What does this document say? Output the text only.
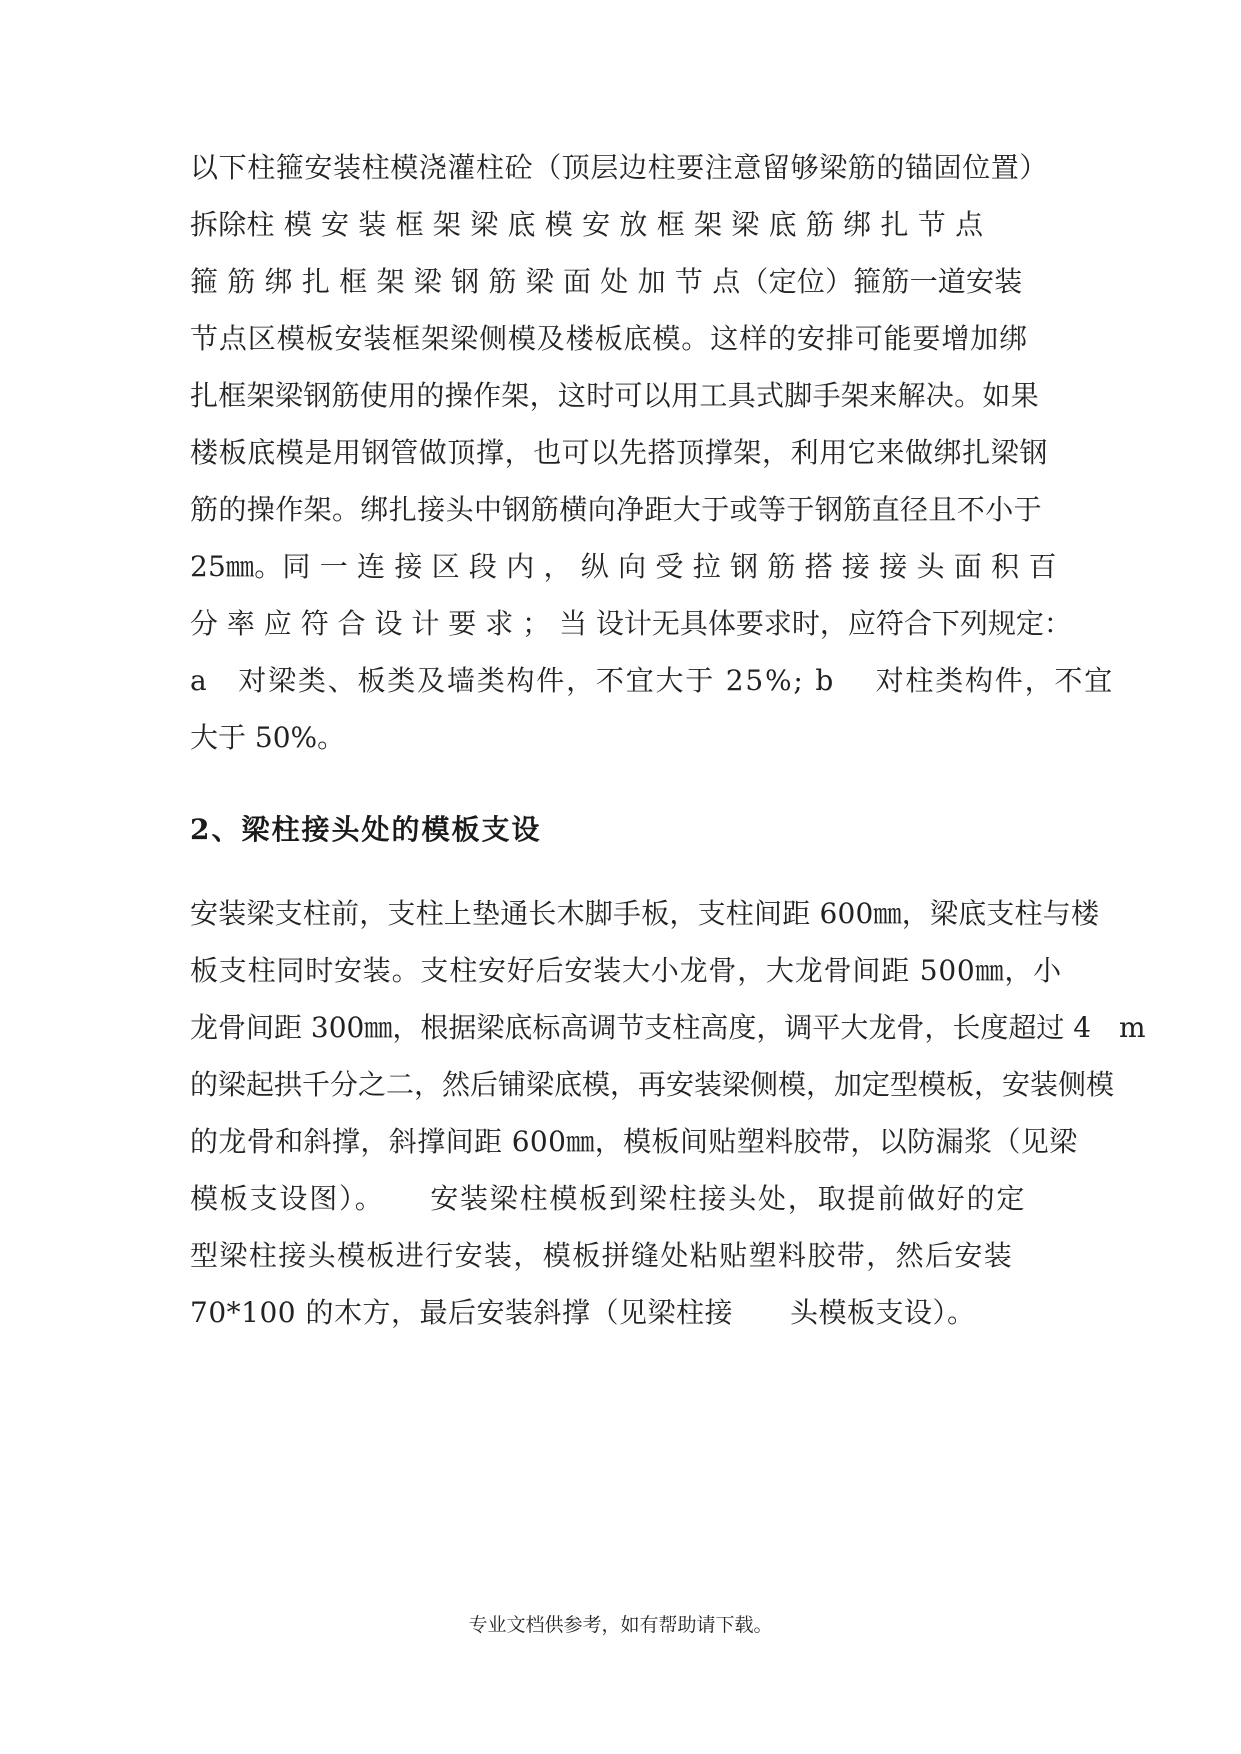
以下柱箍安装柱模浇灌柱砼（顶层边柱要注意留够梁筋的锚固位置）
拆除柱 模 安 装 框 架 梁 底 模 安 放 框 架 梁 底 筋 绑 扎 节 点
箍 筋 绑 扎 框 架 梁 钢 筋 梁 面 处 加 节 点（定位）箍筋一道安装
节点区模板安装框架梁侧模及楼板底模。这样的安排可能要增加绑
扎框架梁钢筋使用的操作架，这时可以用工具式脚手架来解决。如果
楼板底模是用钢管做顶撑，也可以先搭顶撑架，利用它来做绑扎梁钢
筋的操作架。绑扎接头中钢筋横向净距大于或等于钢筋直径且不小于
25㎜。同 一 连 接 区 段 内 ， 纵 向 受 拉 钢 筋 搭 接 接 头 面 积 百
分 率 应 符 合 设 计 要 求 ； 当 设计无具体要求时，应符合下列规定：
a　对梁类、板类及墙类构件，不宜大于 25%; b　 对柱类构件，不宜
大于 50%。
2、梁柱接头处的模板支设
安装梁支柱前，支柱上垫通长木脚手板，支柱间距 600㎜，梁底支柱与楼
板支柱同时安装。支柱安好后安装大小龙骨，大龙骨间距 500㎜，小
龙骨间距 300㎜，根据梁底标高调节支柱高度，调平大龙骨，长度超过 4　m
的梁起拱千分之二，然后铺梁底模，再安装梁侧模，加定型模板，安装侧模
的龙骨和斜撑，斜撑间距 600㎜，模板间贴塑料胶带，以防漏浆（见梁
模板支设图）。　　安装梁柱模板到梁柱接头处，取提前做好的定
型梁柱接头模板进行安装，模板拼缝处粘贴塑料胶带，然后安装
70*100 的木方，最后安装斜撑（见梁柱接　　头模板支设）。
专业文档供参考，如有帮助请下载。
